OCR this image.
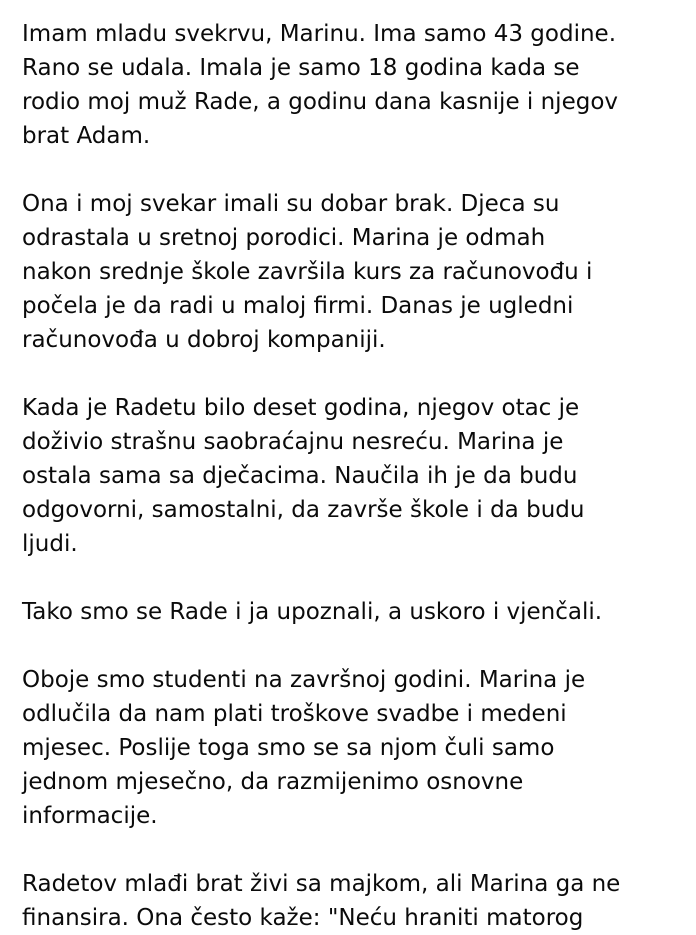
Imam mladu svekrvu, Marinu. Ima samo 43 godine.
Rano se udala. Imala je samo 18 godina kada se
rodio moj muž Rade, a godinu dana kasnije i njegov
brat Adam.
Ona i moj svekar imali su dobar brak. Djeca su
odrastala u sretnoj porodici. Marina je odmah
nakon srednje škole završila kurs za računovođu i
počela je da radi u maloj firmi. Danas je ugledni
računovođa u dobroj kompaniji.
Kada je Radetu bilo deset godina, njegov otac je
doživio strašnu saobraćajnu nesreću. Marina je
ostala sama sa dječacima. Naučila ih je da budu
odgovorni, samostalni, da završe škole i da budu
ljudi.
Tako smo se Rade i ja upoznali, a uskoro i vjenčali.
Oboje smo studenti na završnoj godini. Marina je
odlučila da nam plati troškove svadbe i medeni
mjesec. Poslije toga smo se sa njom čuli samo
jednom mjesečno, da razmijenimo osnovne
informacije.
Radetov mlađi brat živi sa majkom, ali Marina ga ne
finansira. Ona često kaže: "Neću hraniti matorog
